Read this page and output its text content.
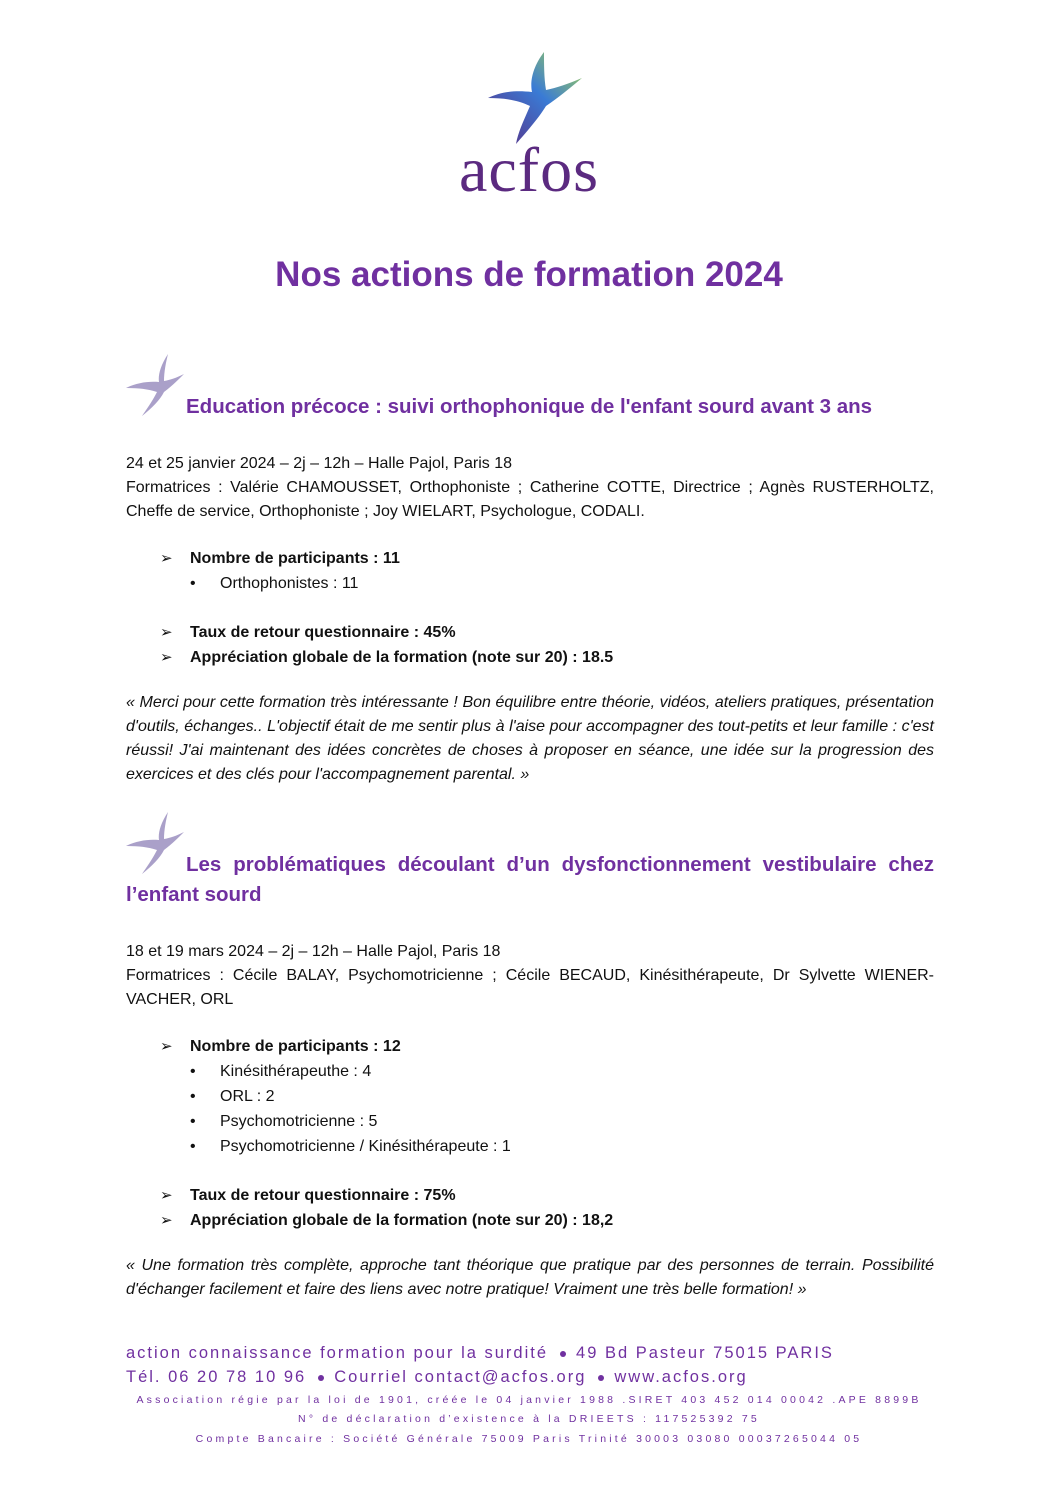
acfos
Nos actions de formation 2024
Education précoce : suivi orthophonique de l'enfant sourd avant 3 ans

24 et 25 janvier 2024 – 2j – 12h – Halle Pajol, Paris 18

Formatrices : Valérie CHAMOUSSET, Orthophoniste ; Catherine COTTE, Directrice ; Agnès RUSTERHOLTZ, Cheffe de service, Orthophoniste ; Joy WIELART, Psychologue, CODALI.

➢ Nombre de participants : 11
• Orthophonistes : 11
➢ Taux de retour questionnaire : 45%
➢ Appréciation globale de la formation (note sur 20) : 18.5

« Merci pour cette formation très intéressante ! Bon équilibre entre théorie, vidéos, ateliers pratiques, présentation d'outils, échanges.. L'objectif était de me sentir plus à l'aise pour accompagner des tout-petits et leur famille : c'est réussi! J'ai maintenant des idées concrètes de choses à proposer en séance, une idée sur la progression des exercices et des clés pour l'accompagnement parental. »

Les problématiques découlant d’un dysfonctionnement vestibulaire chez l’enfant sourd

18 et 19 mars 2024 – 2j – 12h – Halle Pajol, Paris 18

Formatrices : Cécile BALAY, Psychomotricienne ; Cécile BECAUD, Kinésithérapeute, Dr Sylvette WIENER-VACHER, ORL

➢ Nombre de participants : 12
• Kinésithérapeuthe : 4
• ORL : 2
• Psychomotricienne : 5
• Psychomotricienne / Kinésithérapeute : 1
➢ Taux de retour questionnaire : 75%
➢ Appréciation globale de la formation (note sur 20) : 18,2

« Une formation très complète, approche tant théorique que pratique par des personnes de terrain. Possibilité d'échanger facilement et faire des liens avec notre pratique! Vraiment une très belle formation! »

action connaissance formation pour la surdité 49 Bd Pasteur 75015 PARIS

Tél. 06 20 78 10 96 Courriel contact@acfos.org www.acfos.org

Association régie par la loi de 1901, créée le 04 janvier 1988 .SIRET 403 452 014 00042 .APE 8899B

N° de déclaration d’existence à la DRIEETS : 117525392 75

Compte Bancaire : Société Générale 75009 Paris Trinité 30003 03080 00037265044 05
